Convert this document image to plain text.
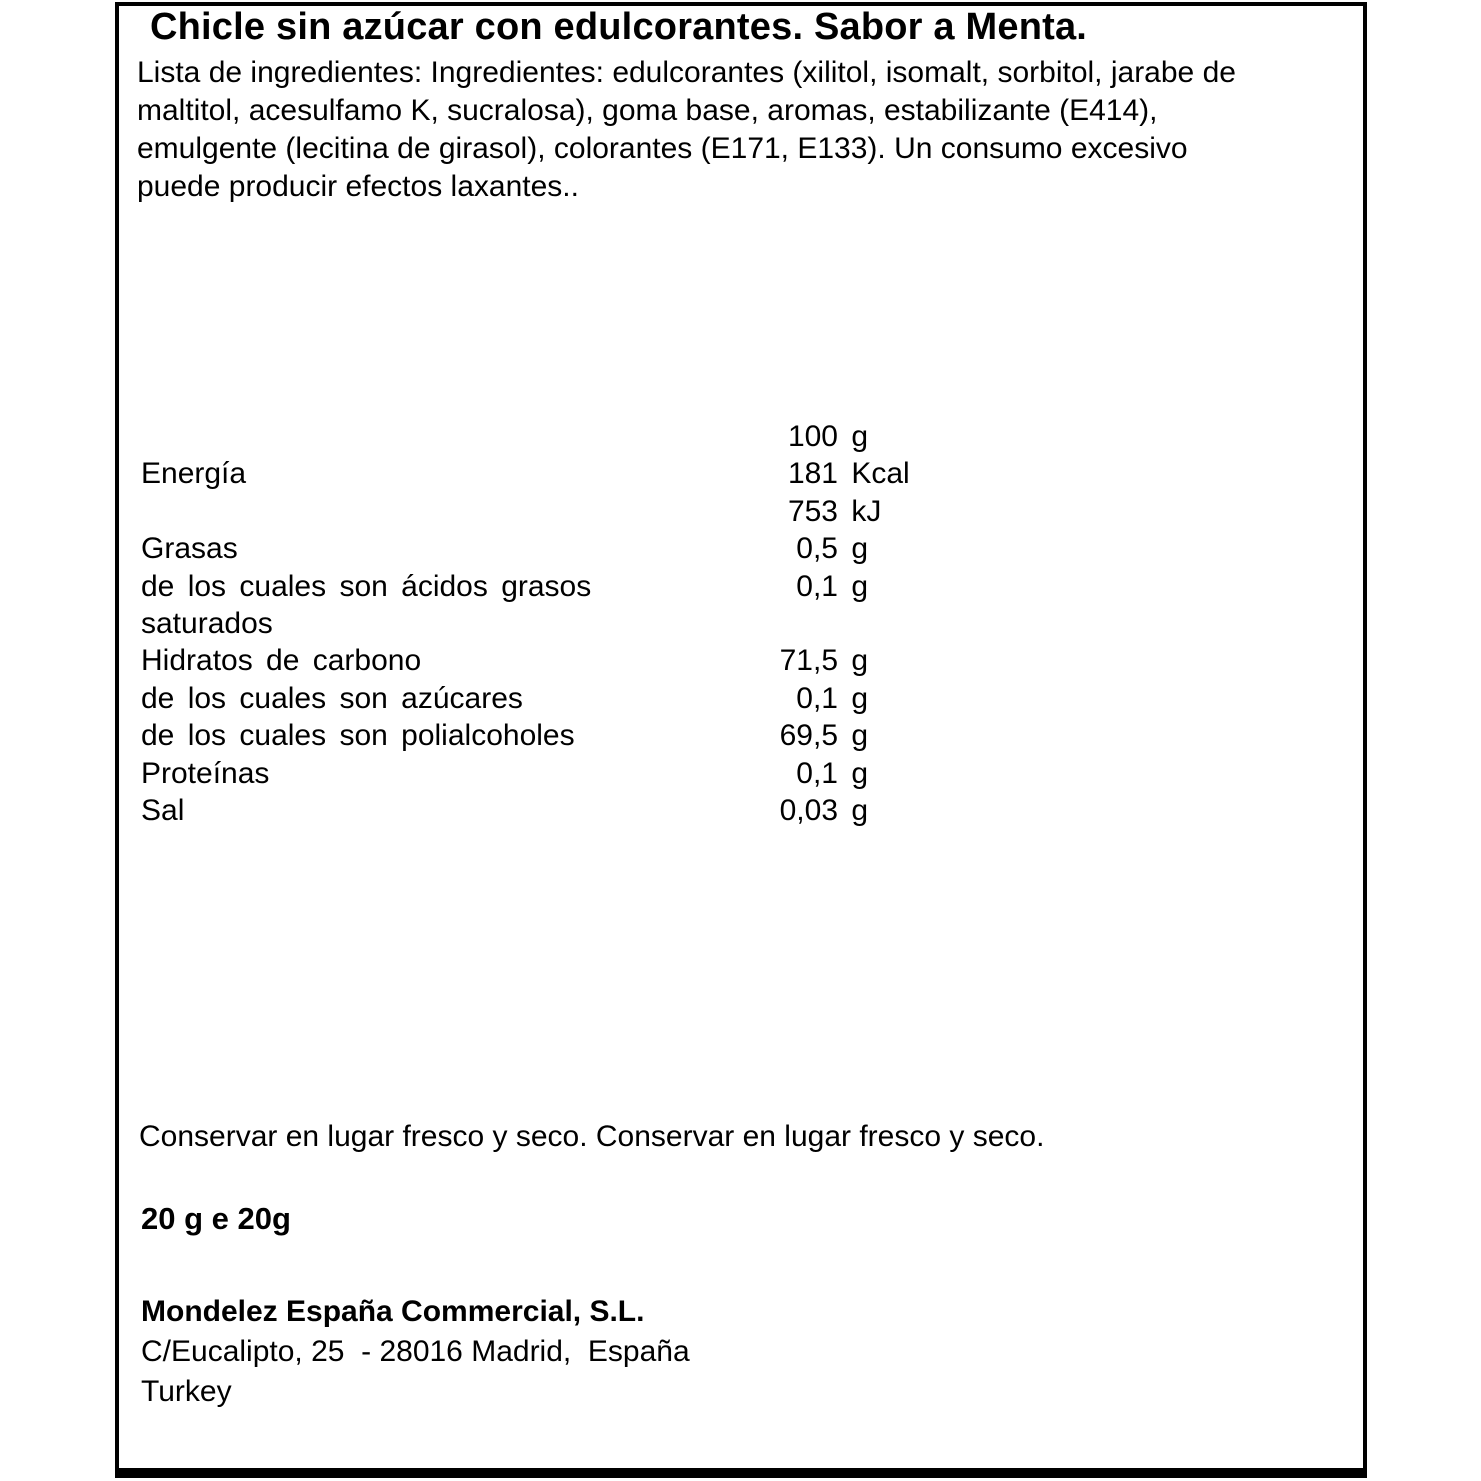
Chicle sin azúcar con edulcorantes. Sabor a Menta.
Lista de ingredientes: Ingredientes: edulcorantes (xilitol, isomalt, sorbitol, jarabe de maltitol, acesulfamo K, sucralosa), goma base, aromas, estabilizante (E414), emulgente (lecitina de girasol), colorantes (E171, E133). Un consumo excesivo puede producir efectos laxantes..
100 g
Energía	181 Kcal
753 kJ
Grasas	0,5 g
de los cuales son ácidos grasos	0,1 g
saturados

Hidratos de carbono	71,5 g
de los cuales son azúcares	0,1 g
de los cuales son polialcoholes	69,5 g
Proteínas	0,1 g
Sal	0,03 g
Conservar en lugar fresco y seco. Conservar en lugar fresco y seco.
20 g e 20g
Mondelez España Commercial, S.L.
C/Eucalipto, 25  - 28016 Madrid,  España
Turkey
